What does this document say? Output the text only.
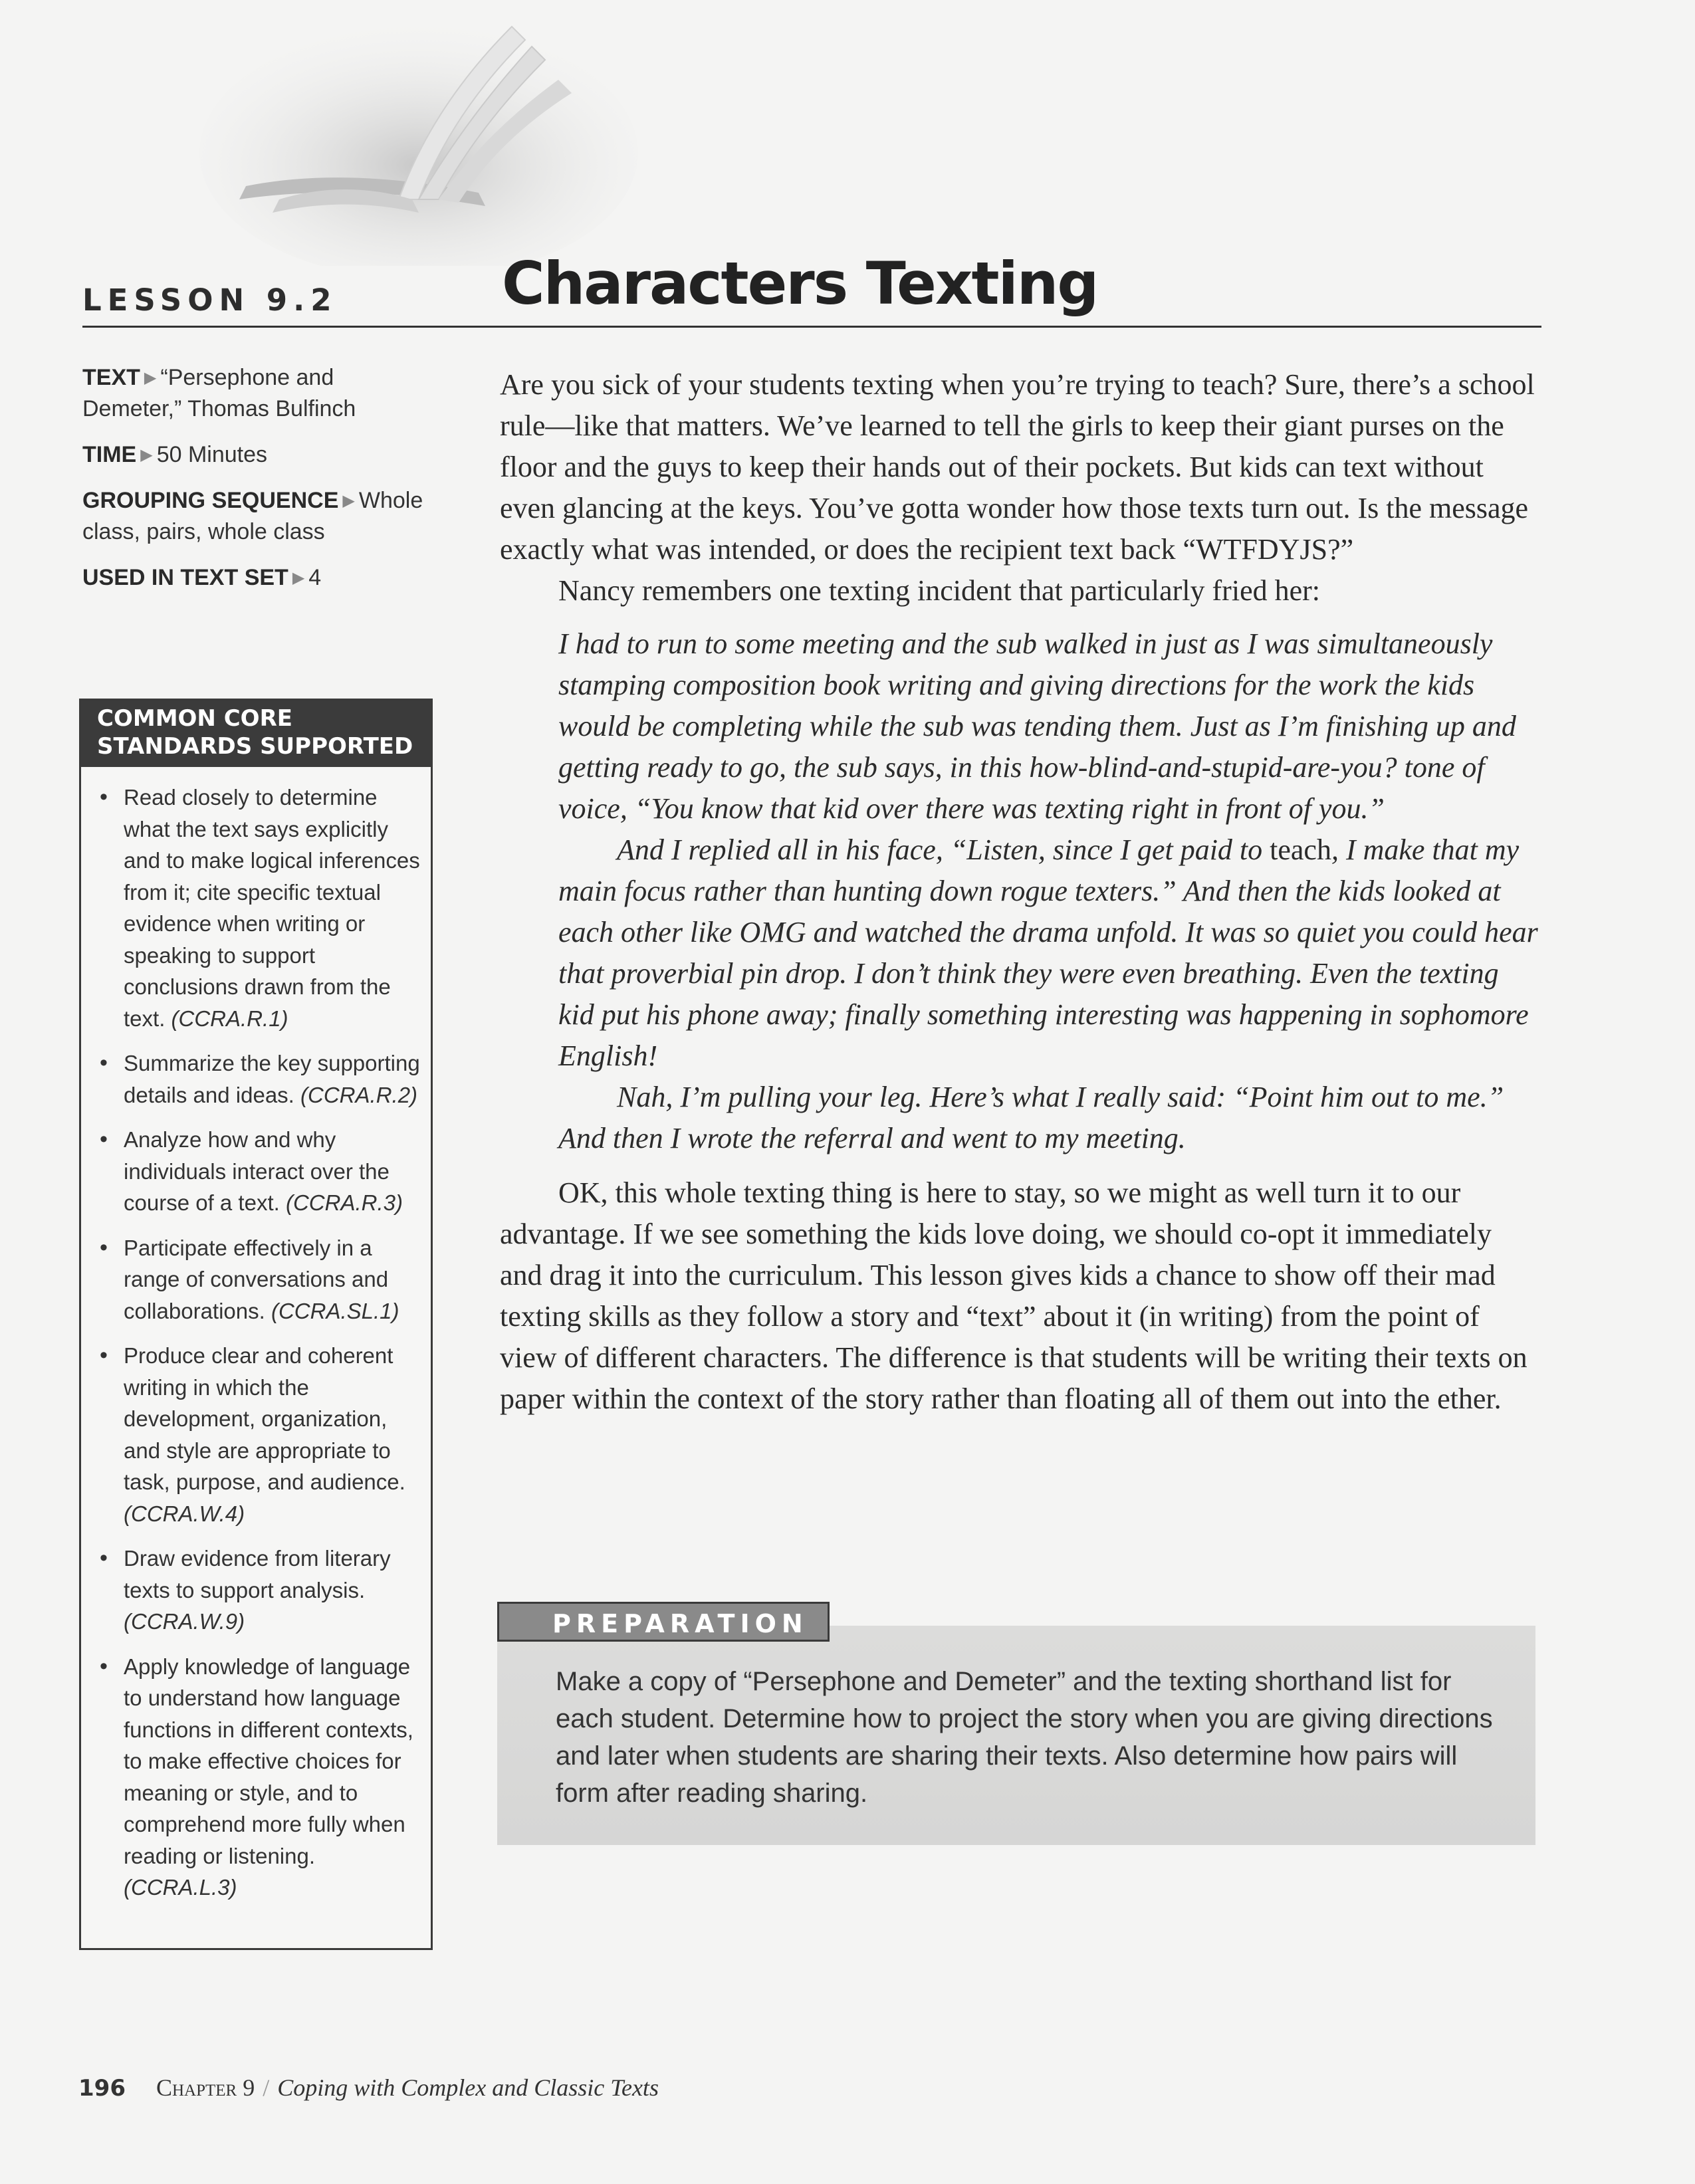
LESSON 9.2	Characters Texting
TEXT ▶ “Persephone and Demeter,” Thomas Bulfinch
TIME ▶ 50 Minutes
GROUPING SEQUENCE ▶ Whole class, pairs, whole class
USED IN TEXT SET ▶ 4
COMMON CORE STANDARDS SUPPORTED
• Read closely to determine what the text says explicitly and to make logical inferences from it; cite specific textual evidence when writing or speaking to support conclusions drawn from the text. (CCRA.R.1)
• Summarize the key supporting details and ideas. (CCRA.R.2)
• Analyze how and why individuals interact over the course of a text. (CCRA.R.3)
• Participate effectively in a range of conversations and collaborations. (CCRA.SL.1)
• Produce clear and coherent writing in which the development, organization, and style are appropriate to task, purpose, and audience. (CCRA.W.4)
• Draw evidence from literary texts to support analysis. (CCRA.W.9)
• Apply knowledge of language to understand how language functions in different contexts, to make effective choices for meaning or style, and to comprehend more fully when reading or listening. (CCRA.L.3)

Are you sick of your students texting when you’re trying to teach? Sure, there’s a school rule—like that matters. We’ve learned to tell the girls to keep their giant purses on the floor and the guys to keep their hands out of their pockets. But kids can text without even glancing at the keys. You’ve gotta wonder how those texts turn out. Is the message exactly what was intended, or does the recipient text back “WTFDYJS?”

Nancy remembers one texting incident that particularly fried her:

I had to run to some meeting and the sub walked in just as I was simultaneously stamping composition book writing and giving directions for the work the kids would be completing while the sub was tending them. Just as I’m finishing up and getting ready to go, the sub says, in this how-blind-and-stupid-are-you? tone of voice, “You know that kid over there was texting right in front of you.”
And I replied all in his face, “Listen, since I get paid to teach, I make that my main focus rather than hunting down rogue texters.” And then the kids looked at each other like OMG and watched the drama unfold. It was so quiet you could hear that proverbial pin drop. I don’t think they were even breathing. Even the texting kid put his phone away; finally something interesting was happening in sophomore English!
Nah, I’m pulling your leg. Here’s what I really said: “Point him out to me.” And then I wrote the referral and went to my meeting.

OK, this whole texting thing is here to stay, so we might as well turn it to our advantage. If we see something the kids love doing, we should co-opt it immediately and drag it into the curriculum. This lesson gives kids a chance to show off their mad texting skills as they follow a story and “text” about it (in writing) from the point of view of different characters. The difference is that students will be writing their texts on paper within the context of the story rather than floating all of them out into the ether.

PREPARATION
Make a copy of “Persephone and Demeter” and the texting shorthand list for each student. Determine how to project the story when you are giving directions and later when students are sharing their texts. Also determine how pairs will form after reading sharing.
196 Chapter 9 / Coping with Complex and Classic Texts
